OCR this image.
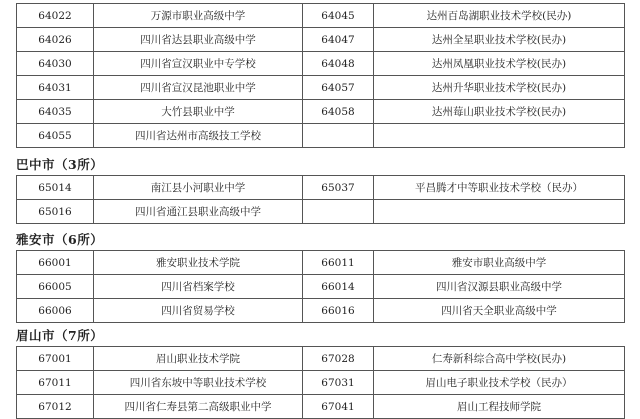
64022	万源市职业高级中学	64045	达州百岛湖职业技术学校(民办)
64026	四川省达县职业高级中学	64047	达州全星职业技术学校(民办)
64030	四川省宣汉职业中专学校	64048	达州凤凰职业技术学校(民办)
64031	四川省宣汉昆池职业中学	64057	达州升华职业技术学校(民办)
64035	大竹县职业中学	64058	达州莓山职业技术学校(民办)
64055	四川省达州市高级技工学校		
巴中市（3所）
65014	南江县小河职业中学	65037	平昌腾才中等职业技术学校（民办）
65016	四川省通江县职业高级中学		
雅安市（6所）
66001	雅安职业技术学院	66011	雅安市职业高级中学
66005	四川省档案学校	66014	四川省汉源县职业高级中学
66006	四川省贸易学校	66016	四川省天全职业高级中学
眉山市（7所）
67001	眉山职业技术学院	67028	仁寿新科综合高中学校(民办)
67011	四川省东坡中等职业技术学校	67031	眉山电子职业技术学校（民办）
67012	四川省仁寿县第二高级职业中学	67041	眉山工程技师学院
